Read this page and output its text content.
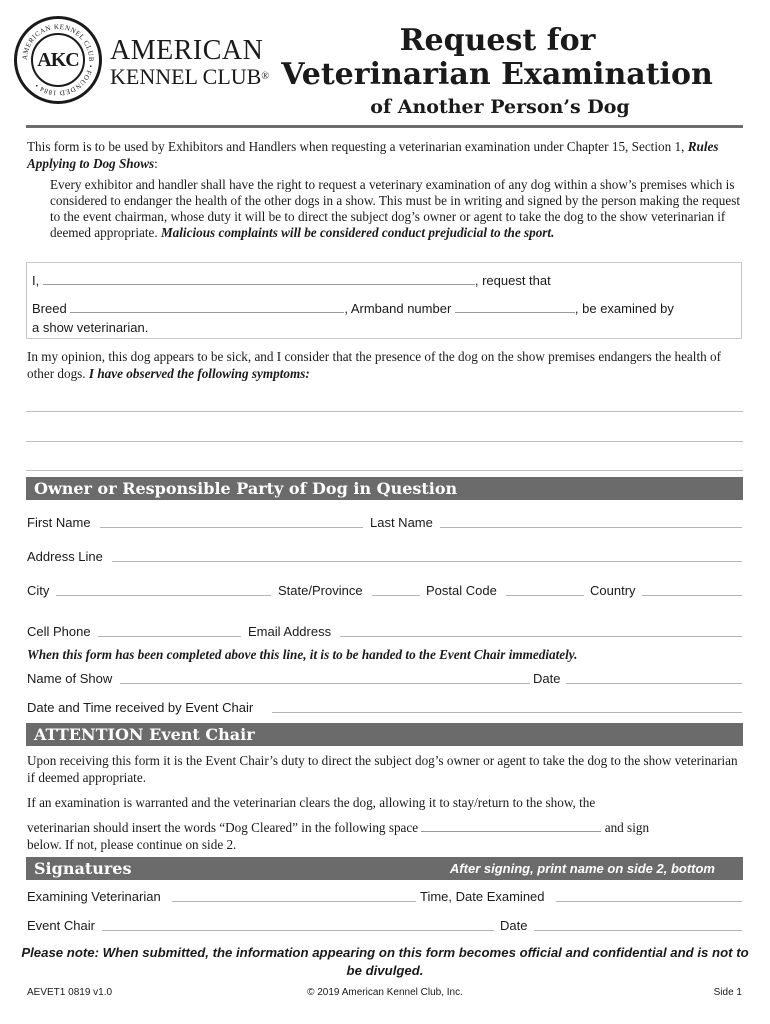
AMERICAN KENNEL CLUB • FOUNDED 1884 •
AKC AMERICAN
KENNEL CLUB®
Request for
Veterinarian Examination
of Another Person’s Dog
This form is to be used by Exhibitors and Handlers when requesting a veterinarian examination under Chapter 15, Section 1, Rules Applying to Dog Shows:
Every exhibitor and handler shall have the right to request a veterinary examination of any dog within a show’s premises which is considered to endanger the health of the other dogs in a show. This must be in writing and signed by the person making the request to the event chairman, whose duty it will be to direct the subject dog’s owner or agent to take the dog to the show veterinarian if deemed appropriate. Malicious complaints will be considered conduct prejudicial to the sport.
I,	, request that
Breed	, Armband number	, be examined by
a show veterinarian.
In my opinion, this dog appears to be sick, and I consider that the presence of the dog on the show premises endangers the health of other dogs. I have observed the following symptoms:
Owner or Responsible Party of Dog in Question
First Name	Last Name
Address Line
City	State/Province	Postal Code	Country
Cell Phone	Email Address
When this form has been completed above this line, it is to be handed to the Event Chair immediately.
Name of Show	Date
Date and Time received by Event Chair
ATTENTION Event Chair
Upon receiving this form it is the Event Chair’s duty to direct the subject dog’s owner or agent to take the dog to the show veterinarian if deemed appropriate.
If an examination is warranted and the veterinarian clears the dog, allowing it to stay/return to the show, the
veterinarian should insert the words “Dog Cleared” in the following space	and sign
below. If not, please continue on side 2.
Signatures	After signing, print name on side 2, bottom
Examining Veterinarian	Time, Date Examined
Event Chair	Date
Please note: When submitted, the information appearing on this form becomes official and confidential and is not to be divulged.
AEVET1 0819 v1.0	© 2019 American Kennel Club, Inc.	Side 1
